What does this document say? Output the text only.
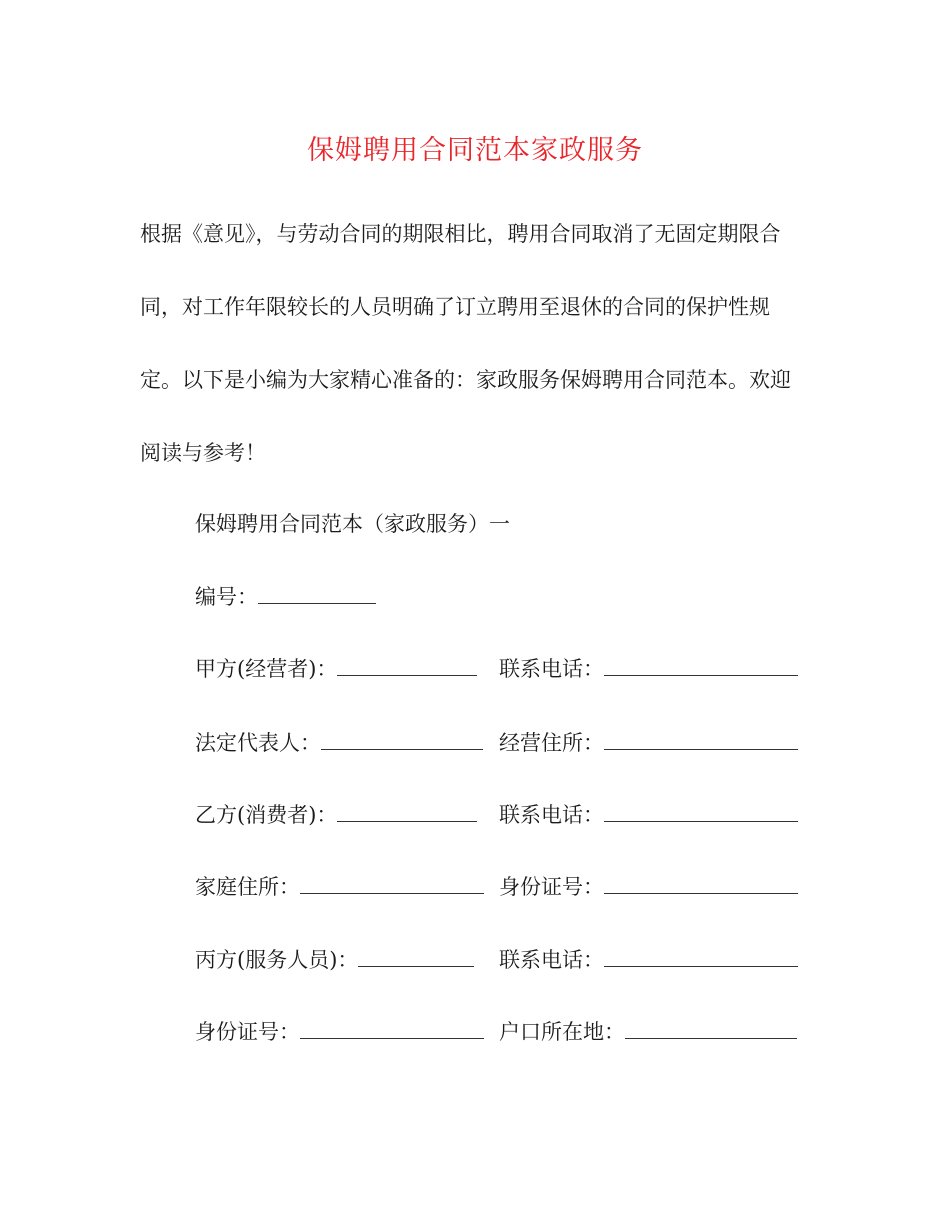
保姆聘用合同范本家政服务
根据《意见》，与劳动合同的期限相比，聘用合同取消了无固定期限合
同，对工作年限较长的人员明确了订立聘用至退休的合同的保护性规
定。以下是小编为大家精心准备的：家政服务保姆聘用合同范本。欢迎
阅读与参考！
保姆聘用合同范本（家政服务）一
编号：
甲方(经营者)：	联系电话：
法定代表人：	经营住所：
乙方(消费者)：	联系电话：
家庭住所：	身份证号：
丙方(服务人员)：	联系电话：
身份证号：	户口所在地：
